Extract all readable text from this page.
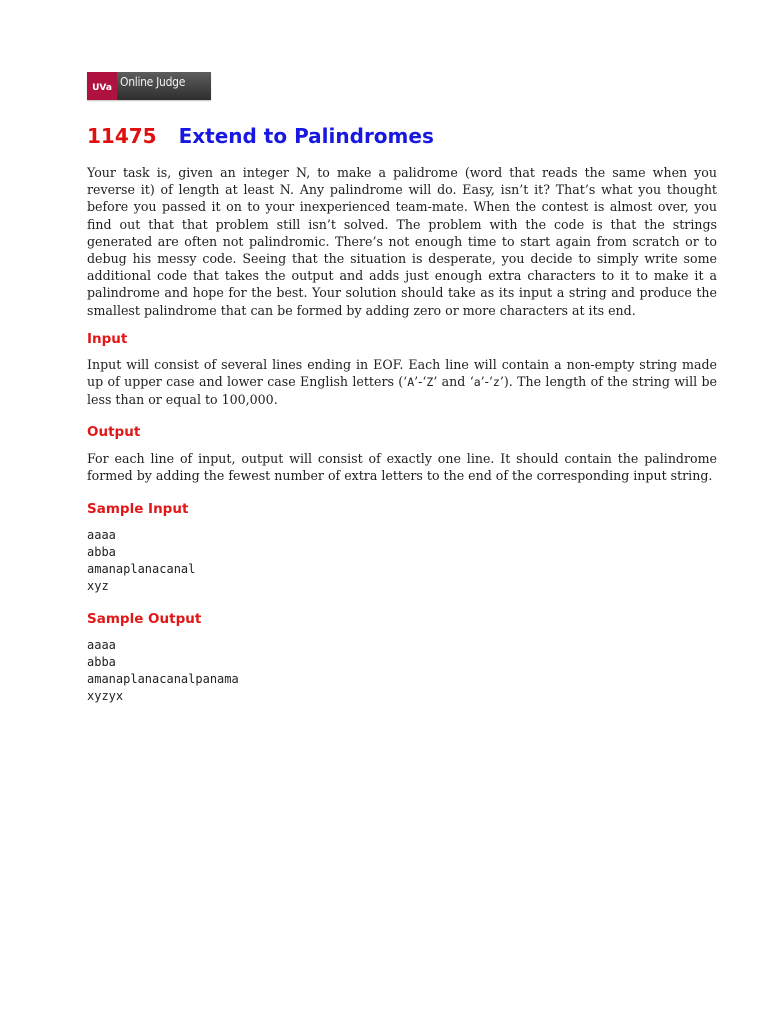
UVa Online Judge
11475 Extend to Palindromes

Your task is, given an integer N, to make a palidrome (word that reads the same when you reverse it) of length at least N. Any palindrome will do. Easy, isn’t it? That’s what you thought before you passed it on to your inexperienced team-mate. When the contest is almost over, you find out that that problem still isn’t solved. The problem with the code is that the strings generated are often not palindromic. There’s not enough time to start again from scratch or to debug his messy code. Seeing that the situation is desperate, you decide to simply write some additional code that takes the output and adds just enough extra characters to it to make it a palindrome and hope for the best. Your solution should take as its input a string and produce the smallest palindrome that can be formed by adding zero or more characters at its end.

Input

Input will consist of several lines ending in EOF. Each line will contain a non-empty string made up of upper case and lower case English letters (‘A’-‘Z’ and ‘a’-‘z’). The length of the string will be less than or equal to 100,000.

Output

For each line of input, output will consist of exactly one line. It should contain the palindrome formed by adding the fewest number of extra letters to the end of the corresponding input string.

Sample Input
aaaa
abba
amanaplanacanal
xyz
Sample Output
aaaa
abba
amanaplanacanalpanama
xyzyx
